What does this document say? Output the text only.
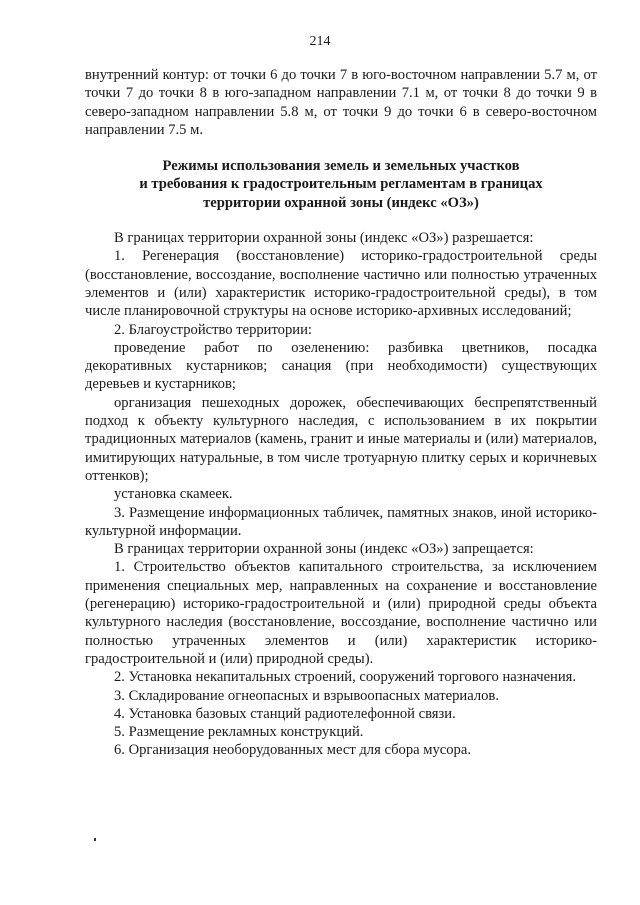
214

внутренний контур: от точки 6 до точки 7 в юго-восточном направлении 5.7 м, от точки 7 до точки 8 в юго-западном направлении 7.1 м, от точки 8 до точки 9 в северо-западном направлении 5.8 м, от точки 9 до точки 6 в северо-восточном направлении 7.5 м.

Режимы использования земель и земельных участков
и требования к градостроительным регламентам в границах
территории охранной зоны (индекс «ОЗ»)

В границах территории охранной зоны (индекс «ОЗ») разрешается:

1. Регенерация (восстановление) историко-градостроительной среды (восстановление, воссоздание, восполнение частично или полностью утраченных элементов и (или) характеристик историко-градостроительной среды), в том числе планировочной структуры на основе историко-архивных исследований;

2. Благоустройство территории:

проведение работ по озеленению: разбивка цветников, посадка декоративных кустарников; санация (при необходимости) существующих деревьев и кустарников;

организация пешеходных дорожек, обеспечивающих беспрепятственный подход к объекту культурного наследия, с использованием в их покрытии традиционных материалов (камень, гранит и иные материалы и (или) материалов, имитирующих натуральные, в том числе тротуарную плитку серых и коричневых оттенков);

установка скамеек.

3. Размещение информационных табличек, памятных знаков, иной историко-культурной информации.

В границах территории охранной зоны (индекс «ОЗ») запрещается:

1. Строительство объектов капитального строительства, за исключением применения специальных мер, направленных на сохранение и восстановление (регенерацию) историко-градостроительной и (или) природной среды объекта культурного наследия (восстановление, воссоздание, восполнение частично или полностью утраченных элементов и (или) характеристик историко-градостроительной и (или) природной среды).

2. Установка некапитальных строений, сооружений торгового назначения.

3. Складирование огнеопасных и взрывоопасных материалов.

4. Установка базовых станций радиотелефонной связи.

5. Размещение рекламных конструкций.

6. Организация необорудованных мест для сбора мусора.
